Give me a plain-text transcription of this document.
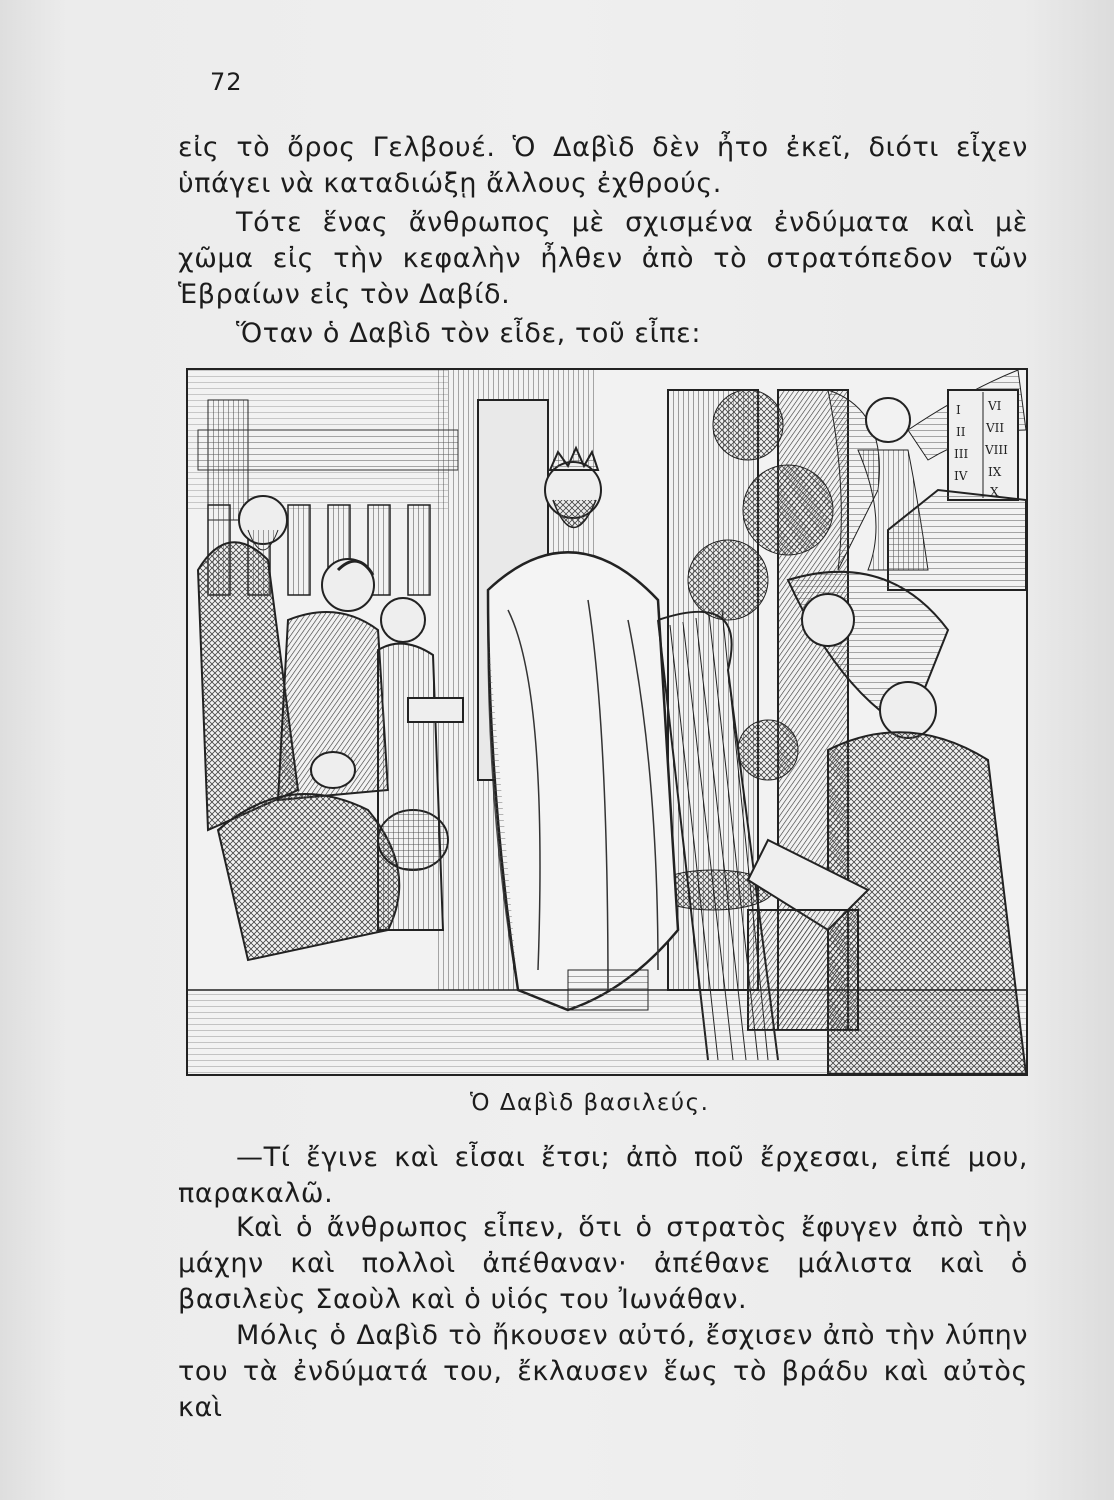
72

εἰς τὸ ὄρος Γελβουέ. Ὁ Δαβὶδ δὲν ἦτο ἐκεῖ, διότι εἶχεν ὑπάγει νὰ καταδιώξῃ ἄλλους ἐχθρούς.

Τότε ἕνας ἄνθρωπος μὲ σχισμένα ἐνδύματα καὶ μὲ χῶμα εἰς τὴν κεφαλὴν ἦλθεν ἀπὸ τὸ στρατόπεδον τῶν Ἑβραίων εἰς τὸν Δαβίδ.

Ὅταν ὁ Δαβὶδ τὸν εἶδε, τοῦ εἶπε:

I
II
III
IV
VI
VII
VIII
IX
X
Ὁ Δαβὶδ βασιλεύς.

—Τί ἔγινε καὶ εἶσαι ἔτσι; ἀπὸ ποῦ ἔρχεσαι, εἰπέ μου, παρακαλῶ.

Καὶ ὁ ἄνθρωπος εἶπεν, ὅτι ὁ στρατὸς ἔφυγεν ἀπὸ τὴν μάχην καὶ πολλοὶ ἀπέθαναν· ἀπέθανε μάλιστα καὶ ὁ βασιλεὺς Σαοὺλ καὶ ὁ υἱός του Ἰωνάθαν.

Μόλις ὁ Δαβὶδ τὸ ἤκουσεν αὐτό, ἔσχισεν ἀπὸ τὴν λύπην του τὰ ἐνδύματά του, ἔκλαυσεν ἕως τὸ βράδυ καὶ αὐτὸς καὶ
